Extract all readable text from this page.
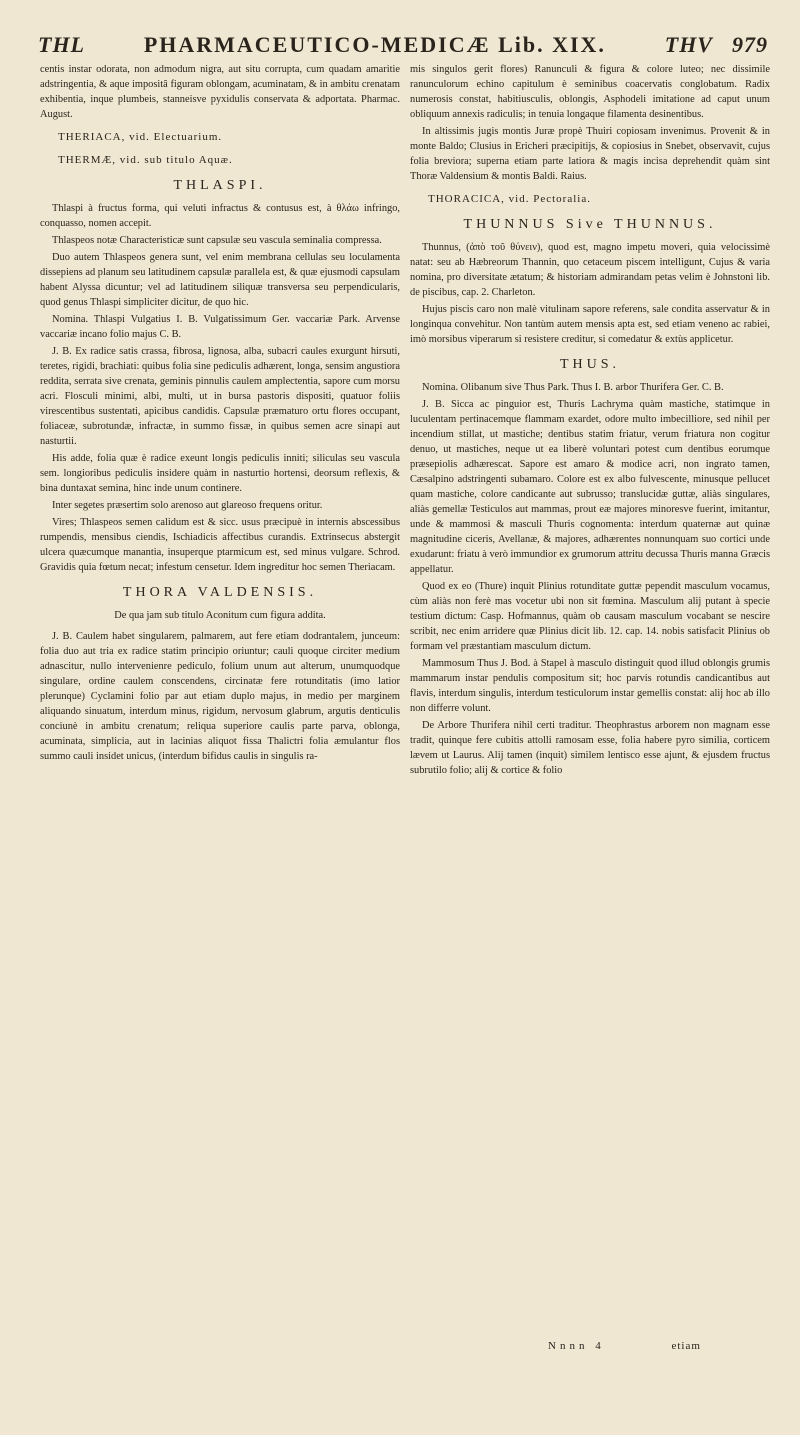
THL	PHARMACEUTICO-MEDICÆ Lib. XIX.	THV 979

centis instar odorata, non admodum nigra, aut situ corrupta, cum quadam amaritie adstringentia, & aque impositâ figuram oblongam, acuminatam, & in ambitu crenatam exhibentia, inque plumbeis, stanneisve pyxidulis conservata & adportata. Pharmac. August.

THERIACA, vid. Electuarium.
THERMÆ, vid. sub titulo Aquæ.
THLASPI.

Thlaspi à fructus forma, qui veluti infractus & contusus est, à θλάω infringo, conquasso, nomen accepit.

Thlaspeos notæ Characteristicæ sunt capsulæ seu vascula seminalia compressa.

Duo autem Thlaspeos genera sunt, vel enim membrana cellulas seu loculamenta dissepiens ad planum seu latitudinem capsulæ parallela est, & quæ ejusmodi capsulam habent Alyssa dicuntur; vel ad latitudinem siliquæ transversa seu perpendicularis, quod genus Thlaspi simpliciter dicitur, de quo hic.

Nomina. Thlaspi Vulgatius I. B. Vulgatissimum Ger. vaccariæ Park. Arvense vaccariæ incano folio majus C. B.

J. B. Ex radice satis crassa, fibrosa, lignosa, alba, subacri caules exurgunt hirsuti, teretes, rigidi, brachiati: quibus folia sine pediculis adhærent, longa, sensim angustiora reddita, serrata sive crenata, geminis pinnulis caulem amplectentia, sapore cum morsu acri. Flosculi minimi, albi, multi, ut in bursa pastoris dispositi, quatuor foliis virescentibus sustentati, apicibus candidis. Capsulæ præmaturo ortu flores occupant, foliaceæ, subrotundæ, infractæ, in summo fissæ, in quibus semen acre sinapi aut nasturtii.

His adde, folia quæ è radice exeunt longis pediculis inniti; siliculas seu vascula sem. longioribus pediculis insidere quàm in nasturtio hortensi, deorsum reflexis, & bina duntaxat semina, hinc inde unum continere.

Inter segetes præsertim solo arenoso aut glareoso frequens oritur.

Vires; Thlaspeos semen calidum est & sicc. usus præcipuè in internis abscessibus rumpendis, mensibus ciendis, Ischiadicis affectibus curandis. Extrinsecus abstergit ulcera quæcumque manantia, insuperque ptarmicum est, sed minus vulgare. Schrod. Gravidis quia fœtum necat; infestum censetur. Idem ingreditur hoc semen Theriacam.

THORA VALDENSIS.
De qua jam sub titulo Aconitum cum figura addita.

J. B. Caulem habet singularem, palmarem, aut fere etiam dodrantalem, junceum: folia duo aut tria ex radice statim principio oriuntur; cauli quoque circiter medium adnascitur, nullo intervenienre pediculo, folium unum aut alterum, unumquodque singulare, ordine caulem conscendens, circinatæ fere rotunditatis (imo latior plerunque) Cyclamini folio par aut etiam duplo majus, in medio per marginem aliquando sinuatum, interdum minus, rigidum, nervosum glabrum, argutis denticulis conciunè in ambitu crenatum; reliqua superiore caulis parte parva, oblonga, acuminata, simplicia, aut in lacinias aliquot fissa Thalictri folia æmulantur flos summo cauli insidet unicus, (interdum bifidus caulis in singulis ra-

mis singulos gerit flores) Ranunculi & figura & colore luteo; nec dissimile ranunculorum echino capitulum è seminibus coacervatis conglobatum. Radix numerosis constat, habitiusculis, oblongis, Asphodeli imitatione ad caput unum obliquum annexis radiculis; in tenuia longaque filamenta desinentibus.

In altissimis jugis montis Juræ propè Thuiri copiosam invenimus. Provenit & in monte Baldo; Clusius in Ericheri præcipitijs, & copiosius in Snebet, observavit, cujus folia breviora; superna etiam parte latiora & magis incisa deprehendit quàm sint Thoræ Valdensium & montis Baldi. Raius.

THORACICA, vid. Pectoralia.
THUNNUS Sive THUNNUS.

Thunnus, (ἀπὸ τοῦ θύνειν), quod est, magno impetu moveri, quia velocissimè natat: seu ab Hæbreorum Thannin, quo cetaceum piscem intelligunt, Cujus & varia nomina, pro diversitate ætatum; & historiam admirandam petas velim è Johnstoni lib. de piscibus, cap. 2. Charleton.

Hujus piscis caro non malè vitulinam sapore referens, sale condita asservatur & in longinqua convehitur. Non tantùm autem mensis apta est, sed etiam veneno ac rabiei, imò morsibus viperarum si resistere creditur, si comedatur & extùs applicetur.

THUS.

Nomina. Olibanum sive Thus Park. Thus I. B. arbor Thurifera Ger. C. B.

J. B. Sicca ac pinguior est, Thuris Lachryma quàm mastiche, statimque in luculentam pertinacemque flammam exardet, odore multo imbecilliore, sed nihil per incendium stillat, ut mastiche; dentibus statim friatur, verum friatura non cogitur denuo, ut mastiches, neque ut ea liberè voluntari potest cum dentibus eorumque præsepiolis adhærescat. Sapore est amaro & modice acri, non ingrato tamen, Cæsalpino adstringenti subamaro. Colore est ex albo fulvescente, minusque pellucet quam mastiche, colore candicante aut subrusso; translucidæ guttæ, aliàs singulares, aliàs gemellæ Testiculos aut mammas, prout eæ majores minoresve fuerint, imitantur, unde & mammosi & masculi Thuris cognomenta: interdum quaternæ aut quinæ magnitudine ciceris, Avellanæ, & majores, adhærentes nonnunquam suo cortici unde exudarunt: friatu à verò immundior ex grumorum attritu decussa Thuris manna Græcis appellatur.

Quod ex eo (Thure) inquit Plinius rotunditate guttæ pependit masculum vocamus, cùm aliàs non ferè mas vocetur ubi non sit fœmina. Masculum alij putant à specie testium dictum: Casp. Hofmannus, quàm ob causam masculum vocabant se nescire scribit, nec enim arridere quæ Plinius dicit lib. 12. cap. 14. nobis satisfacit Plinius ob formam vel præstantiam masculum dictum.

Mammosum Thus J. Bod. à Stapel à masculo distinguit quod illud oblongis grumis mammarum instar pendulis compositum sit; hoc parvis rotundis candicantibus aut flavis, interdum singulis, interdum testiculorum instar gemellis constat: alij hoc ab illo non differre volunt.

De Arbore Thurifera nihil certi traditur. Theophrastus arborem non magnam esse tradit, quinque fere cubitis attolli ramosam esse, folia habere pyro similia, corticem lævem ut Laurus. Alij tamen (inquit) similem lentisco esse ajunt, & ejusdem fructus subrutilo folio; alij & cortice & folio

Nnnn 4	etiam
